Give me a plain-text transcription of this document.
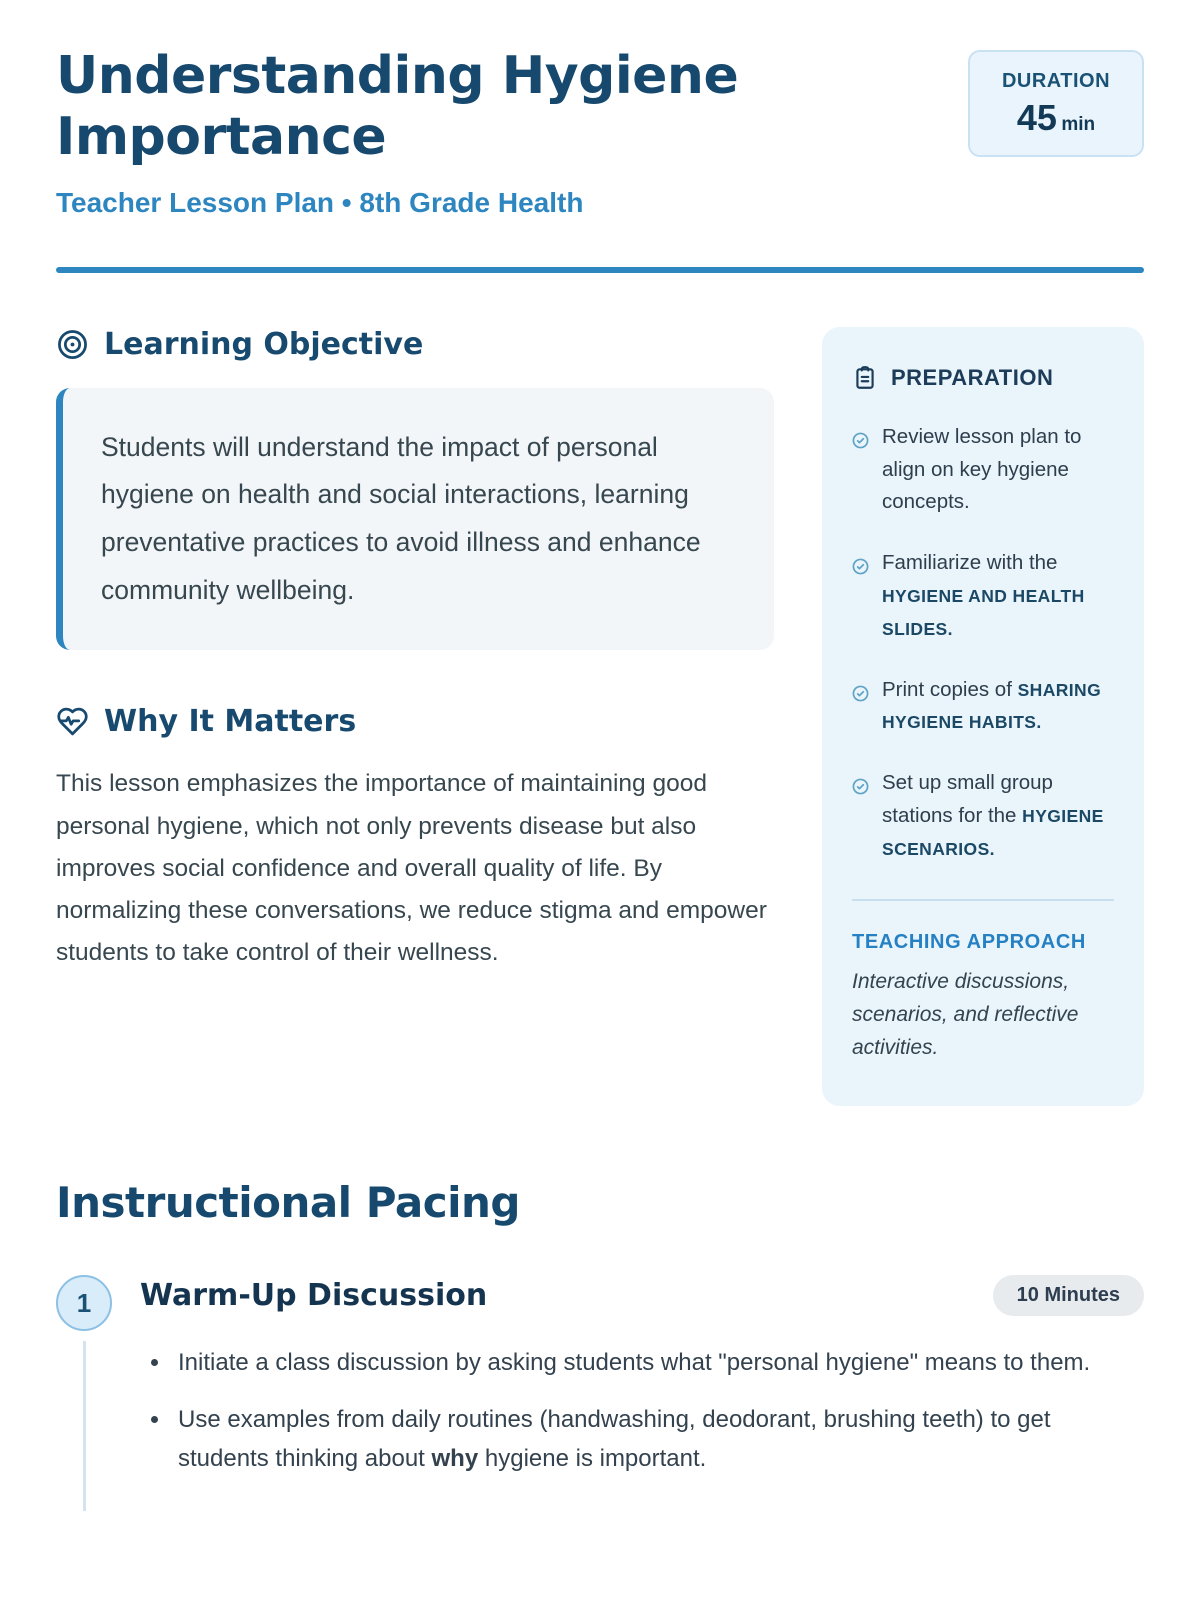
Understanding Hygiene Importance
DURATION
45 min

Teacher Lesson Plan • 8th Grade Health

Learning Objective
Students will understand the impact of personal hygiene on health and social interactions, learning preventative practices to avoid illness and enhance community wellbeing.
Why It Matters

This lesson emphasizes the importance of maintaining good personal hygiene, which not only prevents disease but also improves social confidence and overall quality of life. By normalizing these conversations, we reduce stigma and empower students to take control of their wellness.

PREPARATION
Review lesson plan to align on key hygiene concepts.
Familiarize with the HYGIENE AND HEALTH SLIDES.
Print copies of SHARING HYGIENE HABITS.
Set up small group stations for the HYGIENE SCENARIOS.
TEACHING APPROACH
Interactive discussions, scenarios, and reflective activities.
Instructional Pacing
1	Warm-Up Discussion	10 Minutes
• Initiate a class discussion by asking students what "personal hygiene" means to them.
• Use examples from daily routines (handwashing, deodorant, brushing teeth) to get students thinking about why hygiene is important.
